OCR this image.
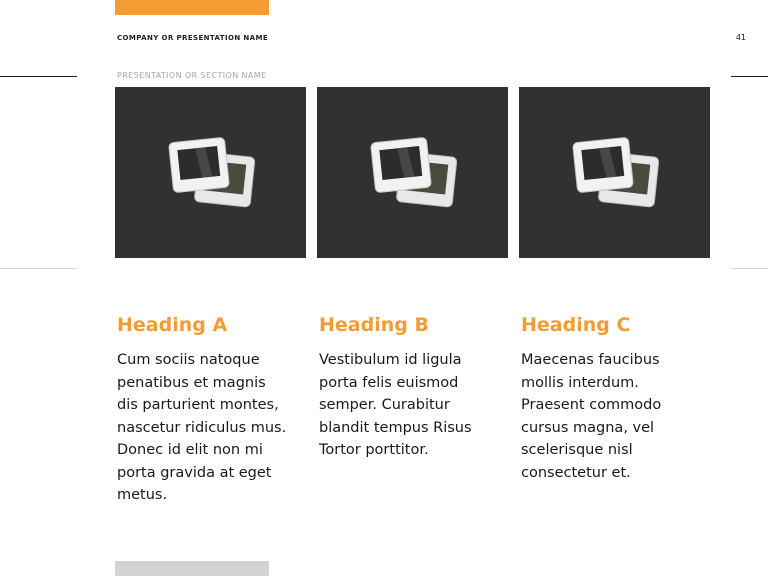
COMPANY OR PRESENTATION NAME	41
PRESENTATION OR SECTION NAME
Heading A
Cum sociis natoque penatibus et magnis dis parturient montes, nascetur ridiculus mus. Donec id elit non mi porta gravida at eget metus.
Heading B
Vestibulum id ligula porta felis euismod semper. Curabitur blandit tempus Risus Tortor porttitor.
Heading C
Maecenas faucibus mollis interdum. Praesent commodo cursus magna, vel scelerisque nisl consectetur et.
